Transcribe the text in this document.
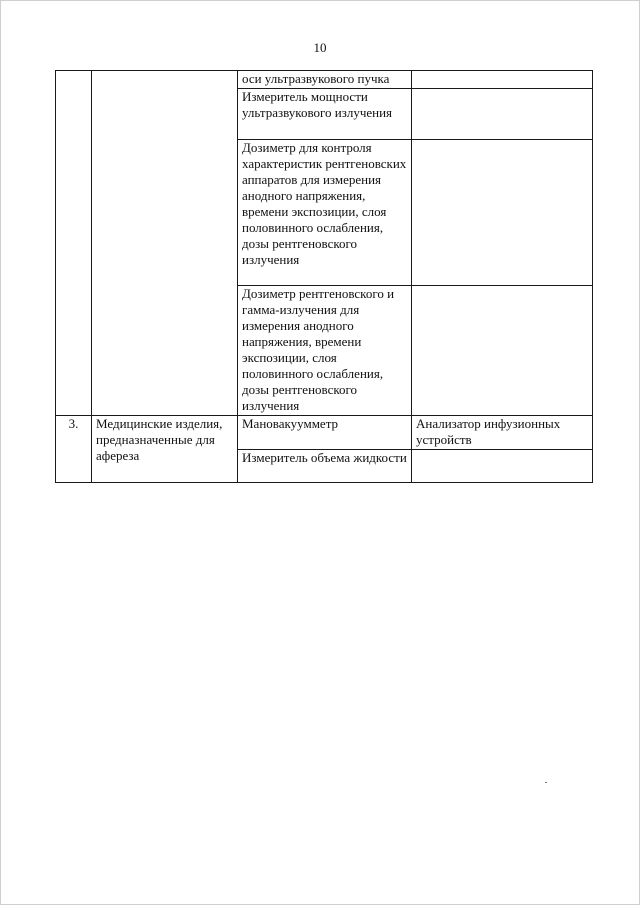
10
		оси ультразвукового пучка	
		Измеритель мощности ультразвукового излучения	
		Дозиметр для контроля характеристик рентгеновских аппаратов для измерения анодного напряжения, времени экспозиции, слоя половинного ослабления, дозы рентгеновского излучения	
		Дозиметр рентгеновского и гамма-излучения для измерения анодного напряжения, времени экспозиции, слоя половинного ослабления, дозы рентгеновского излучения	
3.	Медицинские изделия, предназначенные для афереза	Мановакуумметр	Анализатор инфузионных устройств
		Измеритель объема жидкости	
